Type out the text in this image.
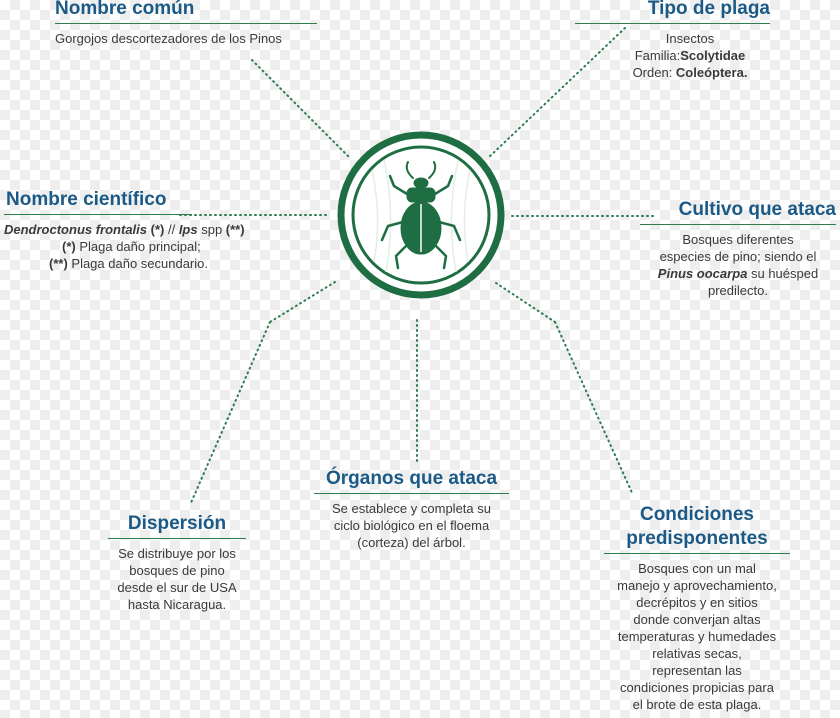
Nombre común
Gorgojos descortezadores de los Pinos
Tipo de plaga
Insectos
Familia:Scolytidae
Orden: Coleóptera.
Nombre científico
Dendroctonus frontalis (*) // Ips spp (**)
(*) Plaga daño principal;
(**) Plaga daño secundario.
Cultivo que ataca
Bosques diferentes
especies de pino; siendo el
Pinus oocarpa su huésped
predilecto.
Dispersión
Se distribuye por los
bosques de pino
desde el sur de USA
hasta Nicaragua.
Órganos que ataca
Se establece y completa su
ciclo biológico en el floema
(corteza) del árbol.
Condiciones
predisponentes
Bosques con un mal
manejo y aprovechamiento,
decrépitos y en sitios
donde converjan altas
temperaturas y humedades
relativas secas,
representan las
condiciones propicias para
el brote de esta plaga.
